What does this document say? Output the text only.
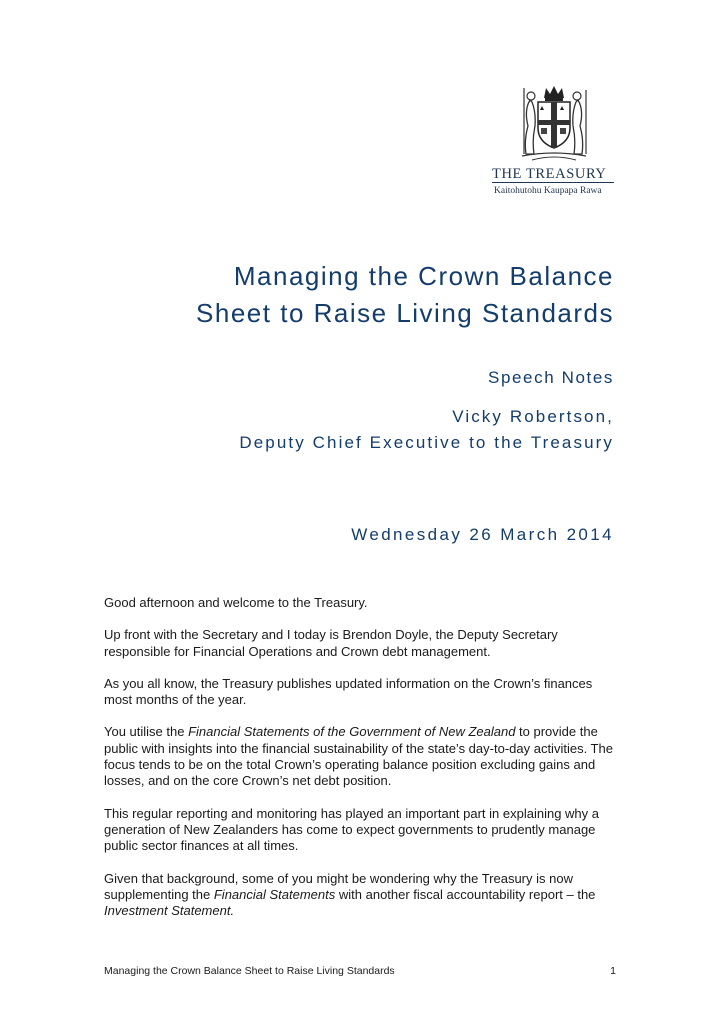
THE TREASURY
Kaitohutohu Kaupapa Rawa
Managing the Crown Balance
Sheet to Raise Living Standards
Speech Notes
Vicky Robertson,
Deputy Chief Executive to the Treasury
Wednesday 26 March 2014

Good afternoon and welcome to the Treasury.

Up front with the Secretary and I today is Brendon Doyle, the Deputy Secretary responsible for Financial Operations and Crown debt management.

As you all know, the Treasury publishes updated information on the Crown’s finances most months of the year.

You utilise the Financial Statements of the Government of New Zealand to provide the public with insights into the financial sustainability of the state’s day-to-day activities. The focus tends to be on the total Crown’s operating balance position excluding gains and losses, and on the core Crown’s net debt position.

This regular reporting and monitoring has played an important part in explaining why a generation of New Zealanders has come to expect governments to prudently manage public sector finances at all times.

Given that background, some of you might be wondering why the Treasury is now supplementing the Financial Statements with another fiscal accountability report – the Investment Statement.

Managing the Crown Balance Sheet to Raise Living Standards	1
